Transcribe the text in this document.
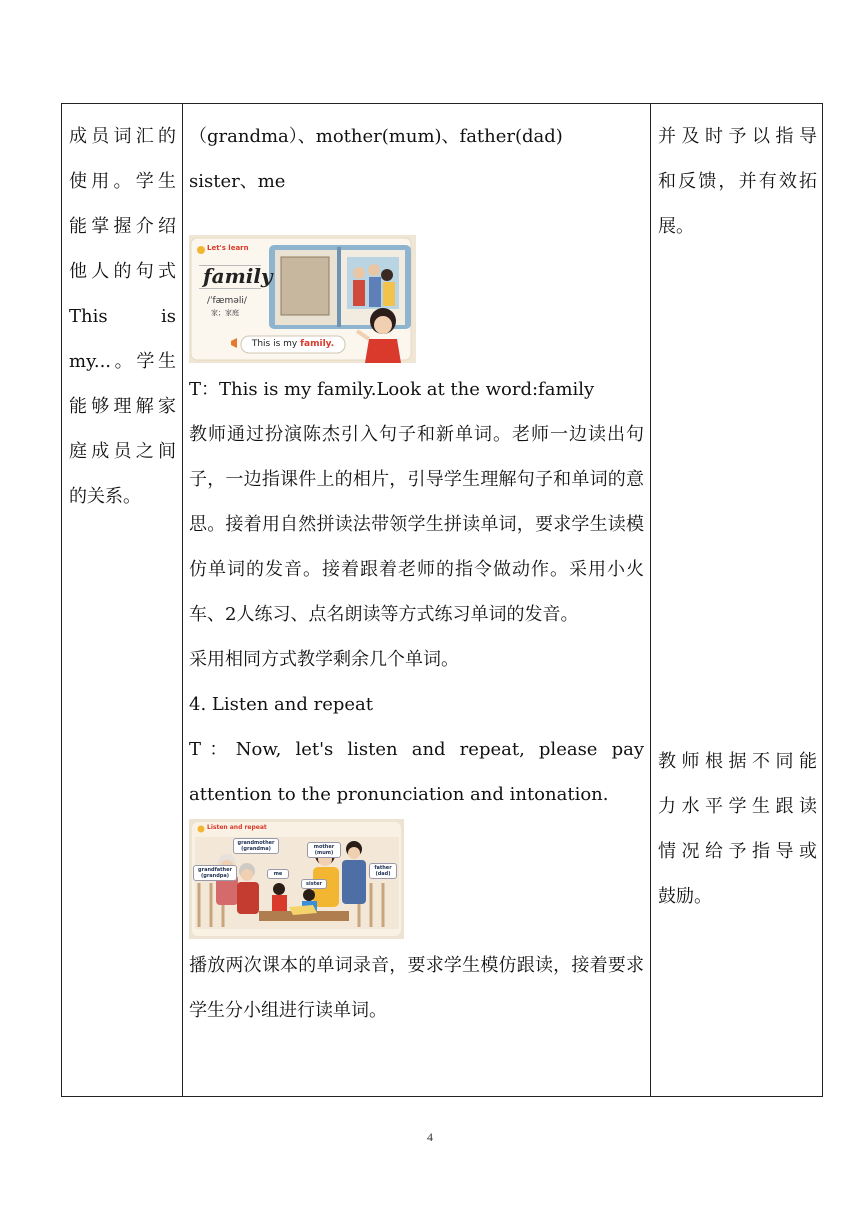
成员词汇的
使用。学生
能掌握介绍
他人的句式
This	is
my...。学生
能够理解家
庭成员之间
的关系。
（grandma）、mother(mum)、father(dad)
sister、me
Let's learn
family
/ˈfæməli/
家；家庭
This is my family.
T：This is my family.Look at the word:family
教师通过扮演陈杰引入句子和新单词。老师一边读出句子，一边指课件上的相片，引导学生理解句子和单词的意思。接着用自然拼读法带领学生拼读单词，要求学生读模仿单词的发音。接着跟着老师的指令做动作。采用小火车、2人练习、点名朗读等方式练习单词的发音。
采用相同方式教学剩余几个单词。
4. Listen and repeat
T：Now, let's listen and repeat, please pay attention to the pronunciation and intonation.
Listen and repeat
grandmother
(grandma)	mother
(mum)
grandfather
(grandpa)	me
father
(dad)
sister
播放两次课本的单词录音，要求学生模仿跟读，接着要求学生分小组进行读单词。
并及时予以指导
和反馈，并有效拓
展。
教师根据不同能
力水平学生跟读
情况给予指导或
鼓励。
4
